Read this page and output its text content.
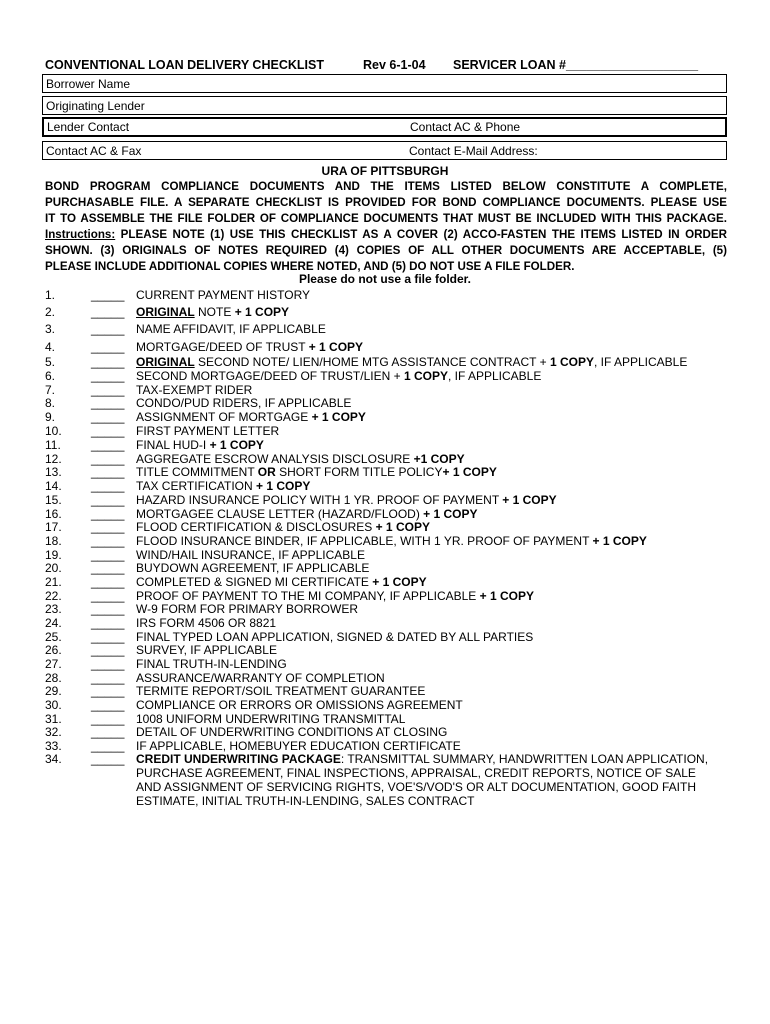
CONVENTIONAL LOAN DELIVERY CHECKLIST	Rev 6-1-04 SERVICER LOAN #___________________
Borrower Name
Originating Lender
Lender Contact	Contact AC & Phone
Contact AC & Fax	Contact E-Mail Address:
URA OF PITTSBURGH
BOND PROGRAM COMPLIANCE DOCUMENTS AND THE ITEMS LISTED BELOW CONSTITUTE A COMPLETE,
PURCHASABLE FILE. A SEPARATE CHECKLIST IS PROVIDED FOR BOND COMPLIANCE DOCUMENTS. PLEASE USE
IT TO ASSEMBLE THE FILE FOLDER OF COMPLIANCE DOCUMENTS THAT MUST BE INCLUDED WITH THIS PACKAGE.
Instructions: PLEASE NOTE (1) USE THIS CHECKLIST AS A COVER (2) ACCO-FASTEN THE ITEMS LISTED IN ORDER
SHOWN. (3) ORIGINALS OF NOTES REQUIRED (4) COPIES OF ALL OTHER DOCUMENTS ARE ACCEPTABLE, (5)
PLEASE INCLUDE ADDITIONAL COPIES WHERE NOTED, AND (5) DO NOT USE A FILE FOLDER.
Please do not use a file folder.
1.	_____ CURRENT PAYMENT HISTORY
2.	_____ ORIGINAL NOTE + 1 COPY
3.	_____ NAME AFFIDAVIT, IF APPLICABLE
4.	_____ MORTGAGE/DEED OF TRUST + 1 COPY
5.	_____ ORIGINAL SECOND NOTE/ LIEN/HOME MTG ASSISTANCE CONTRACT + 1 COPY, IF APPLICABLE
6.	_____ SECOND MORTGAGE/DEED OF TRUST/LIEN + 1 COPY, IF APPLICABLE
7.	_____ TAX-EXEMPT RIDER
8.	_____ CONDO/PUD RIDERS, IF APPLICABLE
9.	_____ ASSIGNMENT OF MORTGAGE + 1 COPY
10. _____ FIRST PAYMENT LETTER
11.	_____ FINAL HUD-I + 1 COPY
12. _____ AGGREGATE ESCROW ANALYSIS DISCLOSURE +1 COPY
13. _____ TITLE COMMITMENT OR SHORT FORM TITLE POLICY+ 1 COPY
14. _____ TAX CERTIFICATION + 1 COPY
15. _____ HAZARD INSURANCE POLICY WITH 1 YR. PROOF OF PAYMENT + 1 COPY
16. _____ MORTGAGEE CLAUSE LETTER (HAZARD/FLOOD) + 1 COPY
17. _____ FLOOD CERTIFICATION & DISCLOSURES + 1 COPY
18. _____ FLOOD INSURANCE BINDER, IF APPLICABLE, WITH 1 YR. PROOF OF PAYMENT + 1 COPY
19. _____ WIND/HAIL INSURANCE, IF APPLICABLE
20. _____ BUYDOWN AGREEMENT, IF APPLICABLE
21. _____ COMPLETED & SIGNED MI CERTIFICATE + 1 COPY
22. _____ PROOF OF PAYMENT TO THE MI COMPANY, IF APPLICABLE + 1 COPY
23. _____ W-9 FORM FOR PRIMARY BORROWER
24. _____ IRS FORM 4506 OR 8821
25. _____ FINAL TYPED LOAN APPLICATION, SIGNED & DATED BY ALL PARTIES
26. _____ SURVEY, IF APPLICABLE
27. _____ FINAL TRUTH-IN-LENDING
28. _____ ASSURANCE/WARRANTY OF COMPLETION
29. _____ TERMITE REPORT/SOIL TREATMENT GUARANTEE
30. _____ COMPLIANCE OR ERRORS OR OMISSIONS AGREEMENT
31. _____ 1008 UNIFORM UNDERWRITING TRANSMITTAL
32. _____ DETAIL OF UNDERWRITING CONDITIONS AT CLOSING
33. _____ IF APPLICABLE, HOMEBUYER EDUCATION CERTIFICATE
34. _____ CREDIT UNDERWRITING PACKAGE: TRANSMITTAL SUMMARY, HANDWRITTEN LOAN APPLICATION,
PURCHASE AGREEMENT, FINAL INSPECTIONS, APPRAISAL, CREDIT REPORTS, NOTICE OF SALE
AND ASSIGNMENT OF SERVICING RIGHTS, VOE'S/VOD'S OR ALT DOCUMENTATION, GOOD FAITH
ESTIMATE, INITIAL TRUTH-IN-LENDING, SALES CONTRACT
